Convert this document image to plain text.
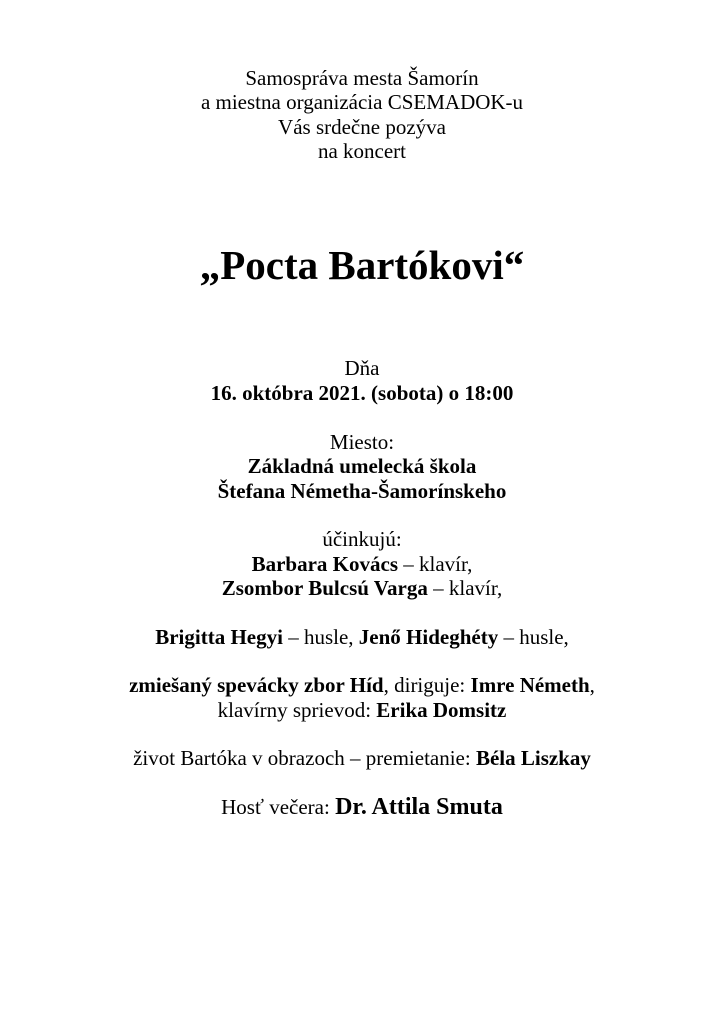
Samospráva mesta Šamorín
a miestna organizácia CSEMADOK-u
Vás srdečne pozýva
na koncert
„Pocta Bartókovi“
Dňa
16. októbra 2021. (sobota) o 18:00
Miesto:
Základná umelecká škola
Štefana Németha-Šamorínskeho
účinkujú:
Barbara Kovács – klavír,
Zsombor Bulcsú Varga – klavír,
Brigitta Hegyi – husle, Jenő Hideghéty – husle,
zmiešaný spevácky zbor Híd, diriguje: Imre Németh,
klavírny sprievod: Erika Domsitz
život Bartóka v obrazoch – premietanie: Béla Liszkay
Hosť večera: Dr. Attila Smuta
